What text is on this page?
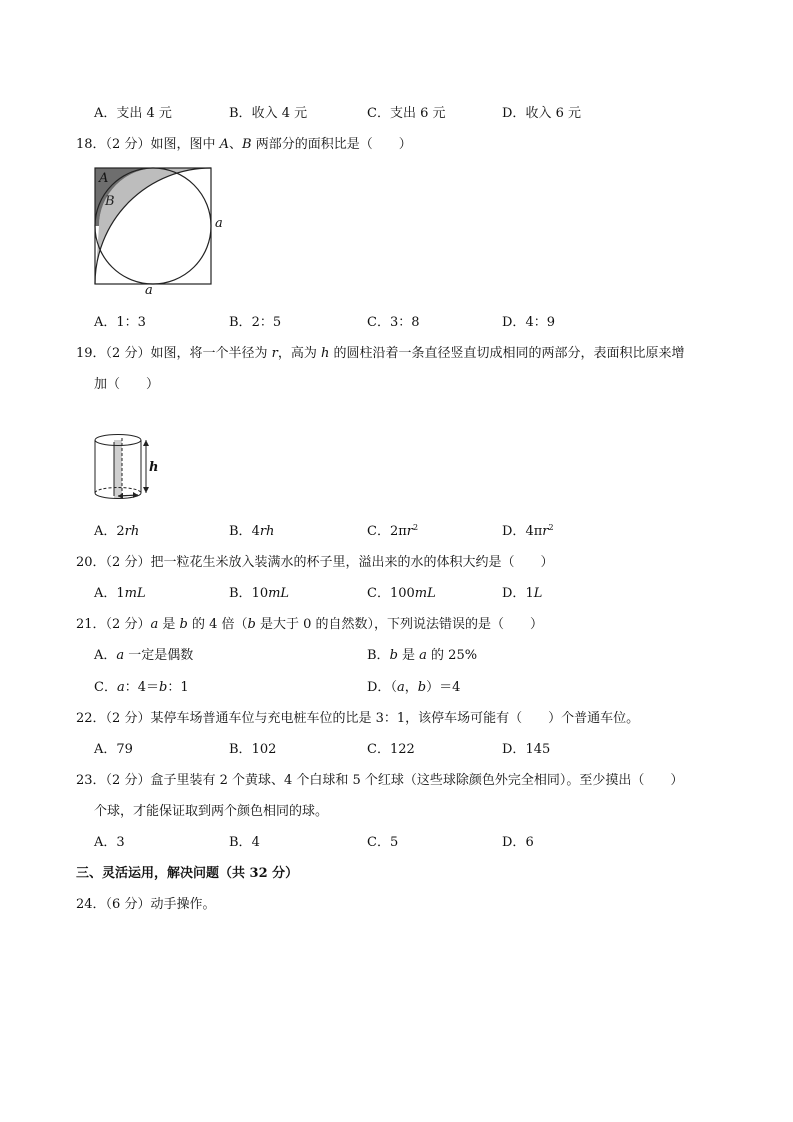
A．支出 4 元	B．收入 4 元	C．支出 6 元	D．收入 6 元
18．（2 分）如图，图中 A、B 两部分的面积比是（　　）
A
B
a
a
A．1：3	B．2：5	C．3：8	D．4：9
19．（2 分）如图，将一个半径为 r，高为 h 的圆柱沿着一条直径竖直切成相同的两部分，表面积比原来增
加（　　）
h
A．2rh	B．4rh	C．$2\pi r^2$	D．$4\pi r^2$
20．（2 分）把一粒花生米放入装满水的杯子里，溢出来的水的体积大约是（　　）
A．1mL	B．10mL	C．100mL	D．1L
21．（2 分）a 是 b 的 4 倍（b 是大于 0 的自然数），下列说法错误的是（　　）
A．a 一定是偶数	B．b 是 a 的 25%
C．a：4＝b：1	D．（a，b）＝4
22．（2 分）某停车场普通车位与充电桩车位的比是 3：1，该停车场可能有（　　）个普通车位。
A．79	B．102	C．122	D．145
23．（2 分）盒子里装有 2 个黄球、4 个白球和 5 个红球（这些球除颜色外完全相同）。至少摸出（　　）
个球，才能保证取到两个颜色相同的球。
A．3	B．4	C．5	D．6
三、灵活运用，解决问题（共 32 分）
24．（6 分）动手操作。
